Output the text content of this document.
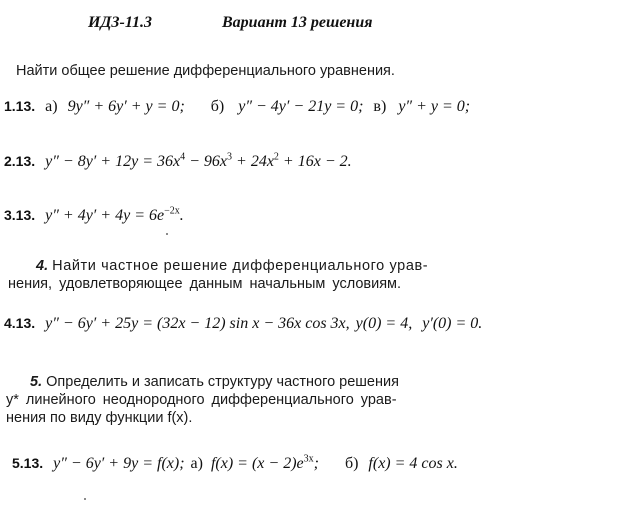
ИДЗ-11.3	Вариант 13 решения
Найти общее решение дифференциального уравнения.
1.13. а) 9y″ + 6y′ + y = 0; б) y″ − 4y′ − 21y = 0; в) y″ + y = 0;
2.13. $y'' - 8y' + 12y = 36x^4 - 96x^3 + 24x^2 + 16x - 2$.
3.13. $y'' + 4y' + 4y = 6e^{-2x}$.
4. Найти частное решение дифференциального урав-
нения, удовлетворяющее данным начальным условиям.
4.13. y″ − 6y′ + 25y = (32x − 12) sin x − 36x cos 3x, y(0) = 4, y′(0) = 0.
5. Определить и записать структуру частного решения
y* линейного неоднородного дифференциального урав-
нения по виду функции f(x).
5.13. y″ − 6y′ + 9y = f(x); а) $f(x) = (x - 2)e^{3x}$; б) f(x) = 4 cos x.
